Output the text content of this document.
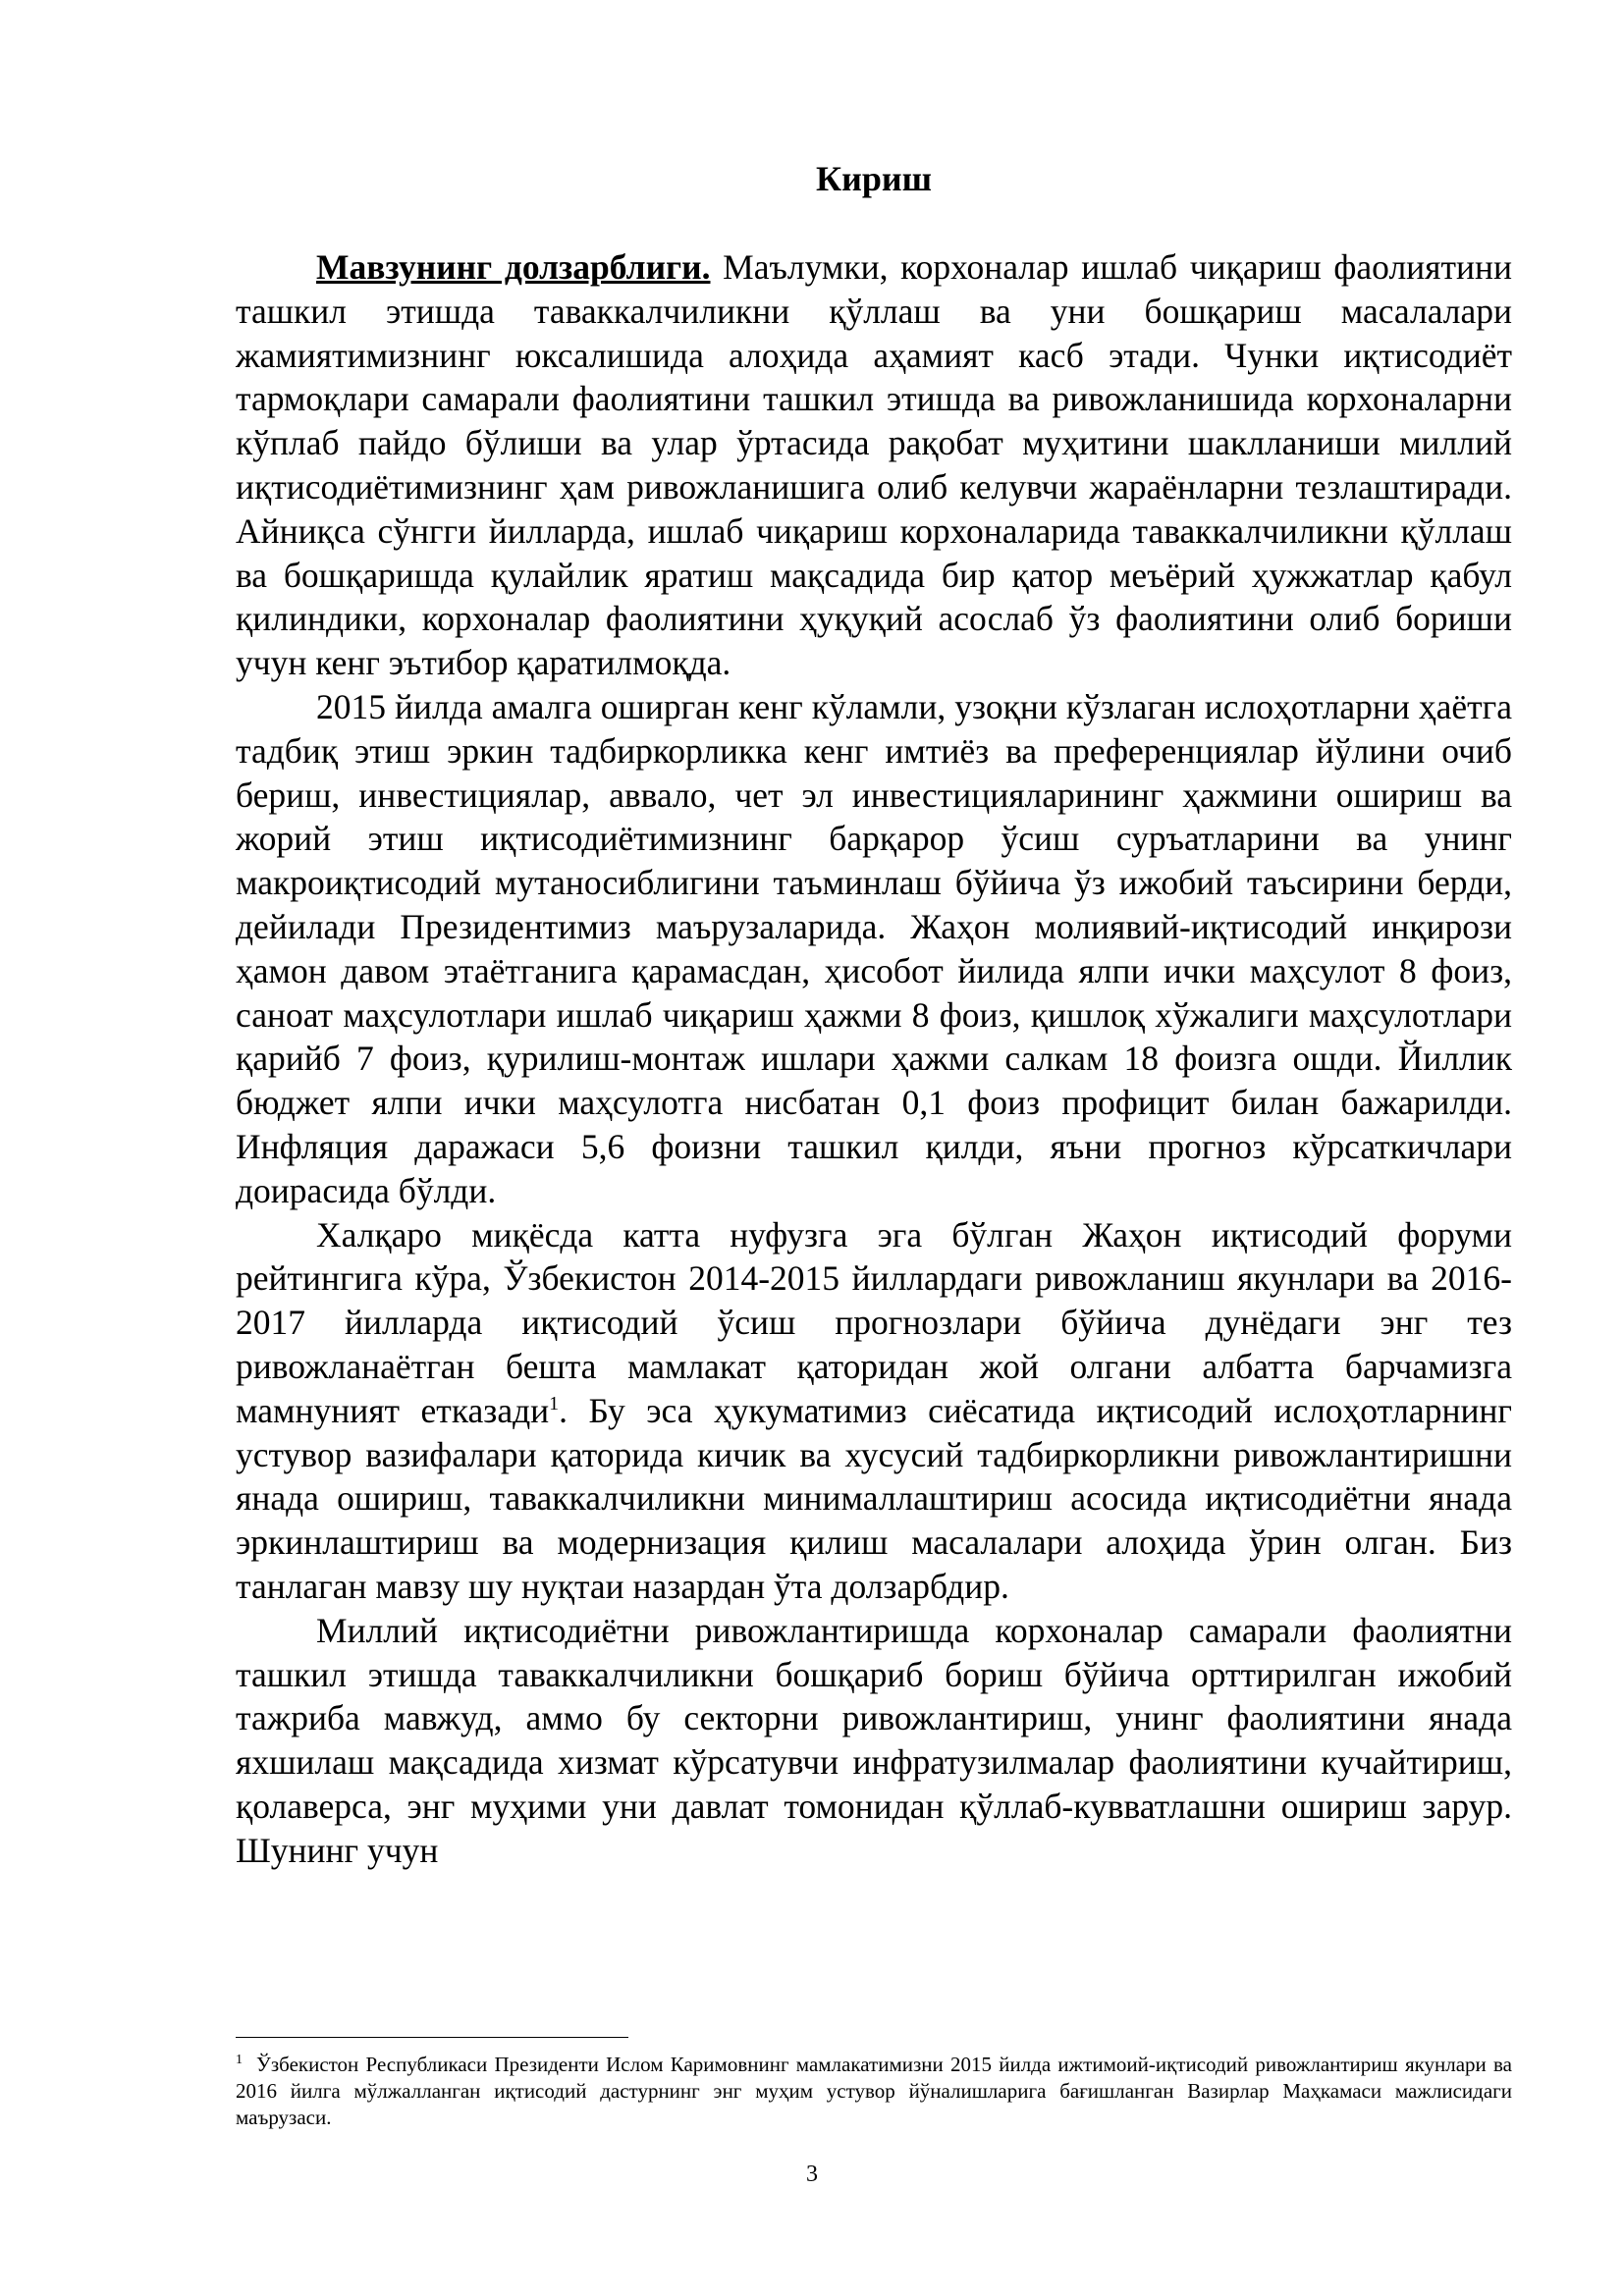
Кириш

Мавзунинг долзарблиги. Маълумки, корхоналар ишлаб чиқариш фаолиятини ташкил этишда таваккалчиликни қўллаш ва уни бошқариш масалалари жамиятимизнинг юксалишида алоҳида аҳамият касб этади. Чунки иқтисодиёт тармоқлари самарали фаолиятини ташкил этишда ва ривожланишида корхоналарни кўплаб пайдо бўлиши ва улар ўртасида рақобат муҳитини шаклланиши миллий иқтисодиётимизнинг ҳам ривожланишига олиб келувчи жараёнларни тезлаштиради. Айниқса сўнгги йилларда, ишлаб чиқариш корхоналарида таваккалчиликни қўллаш ва бошқаришда қулайлик яратиш мақсадида бир қатор меъёрий ҳужжатлар қабул қилиндики, корхоналар фаолиятини ҳуқуқий асослаб ўз фаолиятини олиб бориши учун кенг эътибор қаратилмоқда.

2015 йилда амалга оширган кенг кўламли, узоқни кўзлаган ислоҳотларни ҳаётга тадбиқ этиш эркин тадбиркорликка кенг имтиёз ва преференциялар йўлини очиб бериш, инвестициялар, аввало, чет эл инвестицияларининг ҳажмини ошириш ва жорий этиш иқтисодиётимизнинг барқарор ўсиш суръатларини ва унинг макроиқтисодий мутаносиблигини таъминлаш бўйича ўз ижобий таъсирини берди, дейилади Президентимиз маърузаларида. Жаҳон молиявий-иқтисодий инқирози ҳамон давом этаётганига қарамасдан, ҳисобот йилида ялпи ички маҳсулот 8 фоиз, саноат маҳсулотлари ишлаб чиқариш ҳажми 8 фоиз, қишлоқ хўжалиги маҳсулотлари қарийб 7 фоиз, қурилиш-монтаж ишлари ҳажми салкам 18 фоизга ошди. Йиллик бюджет ялпи ички маҳсулотга нисбатан 0,1 фоиз профицит билан бажарилди. Инфляция даражаси 5,6 фоизни ташкил қилди, яъни прогноз кўрсаткичлари доирасида бўлди.

Халқаро миқёсда катта нуфузга эга бўлган Жаҳон иқтисодий форуми рейтингига кўра, Ўзбекистон 2014-2015 йиллардаги ривожланиш якунлари ва 2016-2017 йилларда иқтисодий ўсиш прогнозлари бўйича дунёдаги энг тез ривожланаётган бешта мамлакат қаторидан жой олгани албатта барчамизга мамнуният етказади$^1$. Бу эса ҳукуматимиз сиёсатида иқтисодий ислоҳотларнинг устувор вазифалари қаторида кичик ва хусусий тадбиркорликни ривожлантиришни янада ошириш, таваккалчиликни минималлаштириш асосида иқтисодиётни янада эркинлаштириш ва модернизация қилиш масалалари алоҳида ўрин олган. Биз танлаган мавзу шу нуқтаи назардан ўта долзарбдир.

Миллий иқтисодиётни ривожлантиришда корхоналар самарали фаолиятни ташкил этишда таваккалчиликни бошқариб бориш бўйича орттирилган ижобий тажриба мавжуд, аммо бу секторни ривожлантириш, унинг фаолиятини янада яхшилаш мақсадида хизмат кўрсатувчи инфратузилмалар фаолиятини кучайтириш, қолаверса, энг муҳими уни давлат томонидан қўллаб-кувватлашни ошириш зарур. Шунинг учун

$^1$ Ўзбекистон Республикаси Президенти Ислом Каримовнинг мамлакатимизни 2015 йилда ижтимоий-иқтисодий ривожлантириш якунлари ва 2016 йилга мўлжалланган иқтисодий дастурнинг энг муҳим устувор йўналишларига бағишланган Вазирлар Маҳкамаси мажлисидаги маърузаси.

3
